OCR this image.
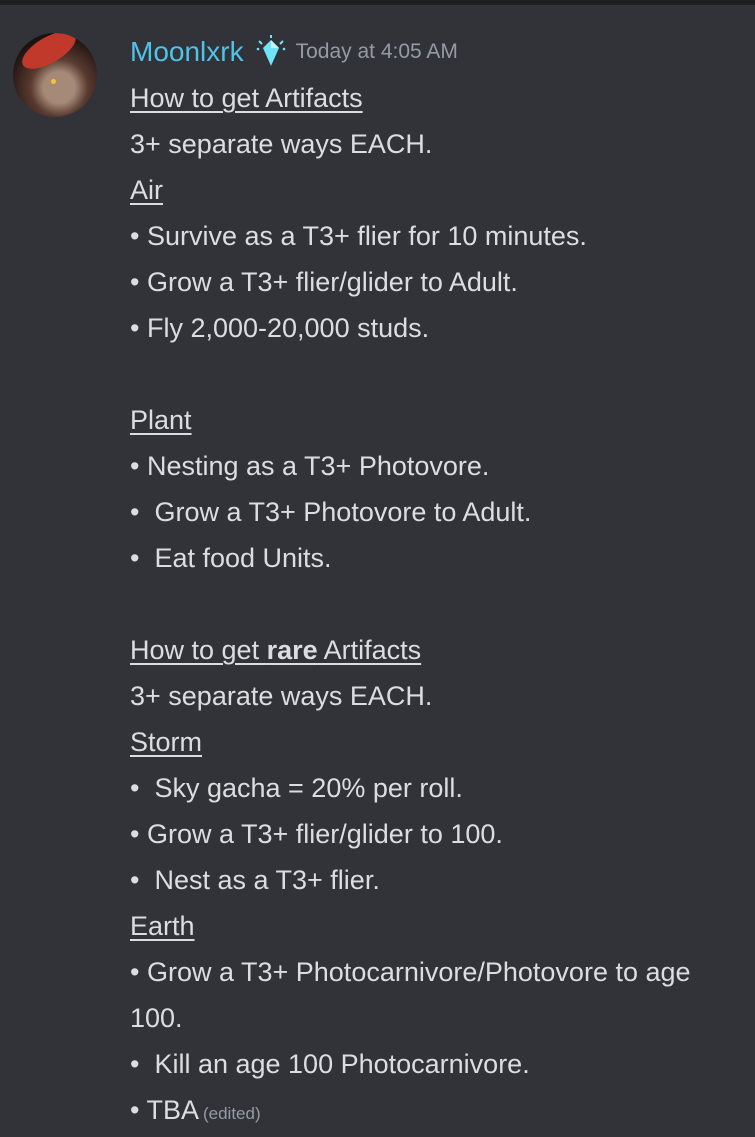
Moonlxrk Today at 4:05 AM
How to get Artifacts
3+ separate ways EACH.
Air
• Survive as a T3+ flier for 10 minutes.
• Grow a T3+ flier/glider to Adult.
• Fly 2,000-20,000 studs.
Plant
• Nesting as a T3+ Photovore.
•  Grow a T3+ Photovore to Adult.
•  Eat food Units.
How to get rare Artifacts
3+ separate ways EACH.
Storm
•  Sky gacha = 20% per roll.
• Grow a T3+ flier/glider to 100.
•  Nest as a T3+ flier.
Earth
• Grow a T3+ Photocarnivore/Photovore to age 100.
•  Kill an age 100 Photocarnivore.
• TBA (edited)
